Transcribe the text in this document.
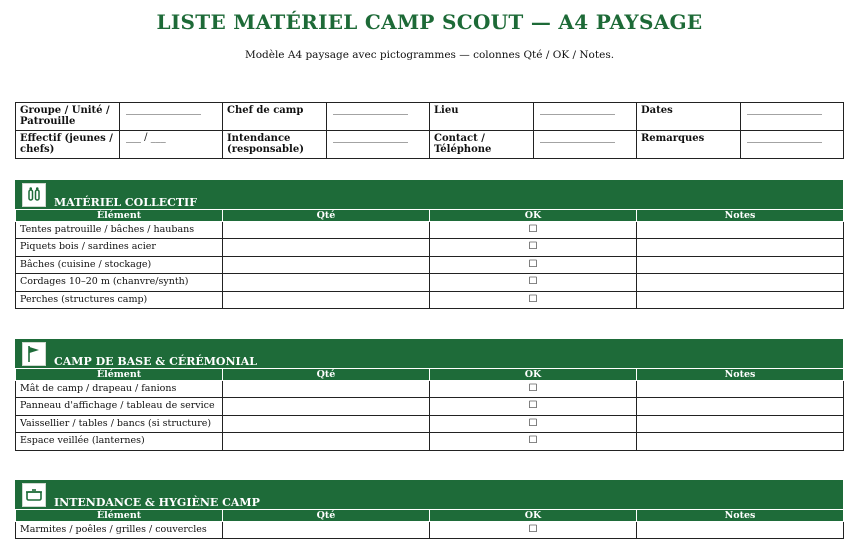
LISTE MATÉRIEL CAMP SCOUT — A4 PAYSAGE
Modèle A4 paysage avec pictogrammes — colonnes Qté / OK / Notes.
Groupe / Unité / Patrouille	_______________	Chef de camp	_______________	Lieu	_______________	Dates	_______________
Effectif (jeunes / chefs)	___ / ___	Intendance (responsable)	_______________	Contact / Téléphone	_______________	Remarques	_______________
MATÉRIEL COLLECTIF
Élément	Qté	OK	Notes
Tentes patrouille / bâches / haubans		☐	
Piquets bois / sardines acier		☐	
Bâches (cuisine / stockage)		☐	
Cordages 10–20 m (chanvre/synth)		☐	
Perches (structures camp)		☐	
CAMP DE BASE & CÉRÉMONIAL
Élément	Qté	OK	Notes
Mât de camp / drapeau / fanions		☐	
Panneau d'affichage / tableau de service		☐	
Vaissellier / tables / bancs (si structure)		☐	
Espace veillée (lanternes)		☐	
INTENDANCE & HYGIÈNE CAMP
Élément	Qté	OK	Notes
Marmites / poêles / grilles / couvercles		☐	
